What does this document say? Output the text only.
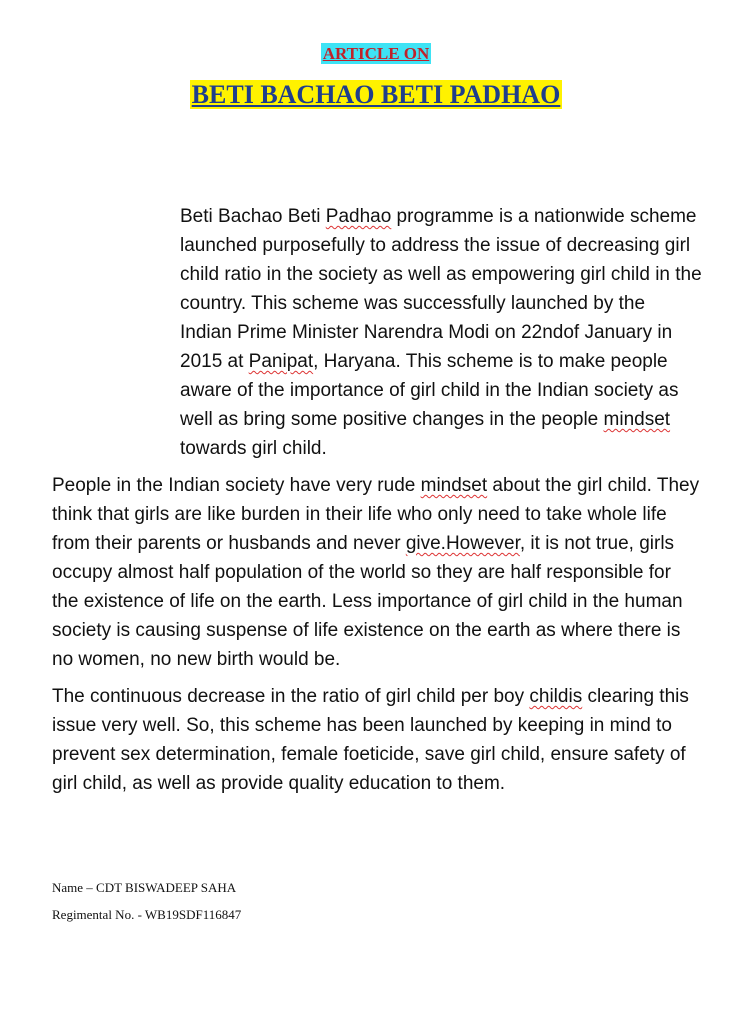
ARTICLE ON
BETI BACHAO BETI PADHAO

Beti Bachao Beti Padhao programme is a nationwide scheme launched purposefully to address the issue of decreasing girl child ratio in the society as well as empowering girl child in the country. This scheme was successfully launched by the Indian Prime Minister Narendra Modi on 22ndof January in 2015 at Panipat, Haryana. This scheme is to make people aware of the importance of girl child in the Indian society as well as bring some positive changes in the people mindset towards girl child.

People in the Indian society have very rude mindset about the girl child. They think that girls are like burden in their life who only need to take whole life from their parents or husbands and never give.However, it is not true, girls occupy almost half population of the world so they are half responsible for the existence of life on the earth. Less importance of girl child in the human society is causing suspense of life existence on the earth as where there is no women, no new birth would be.

The continuous decrease in the ratio of girl child per boy childis clearing this issue very well. So, this scheme has been launched by keeping in mind to prevent sex determination, female foeticide, save girl child, ensure safety of girl child, as well as provide quality education to them.

Name – CDT BISWADEEP SAHA
Regimental No. - WB19SDF116847
